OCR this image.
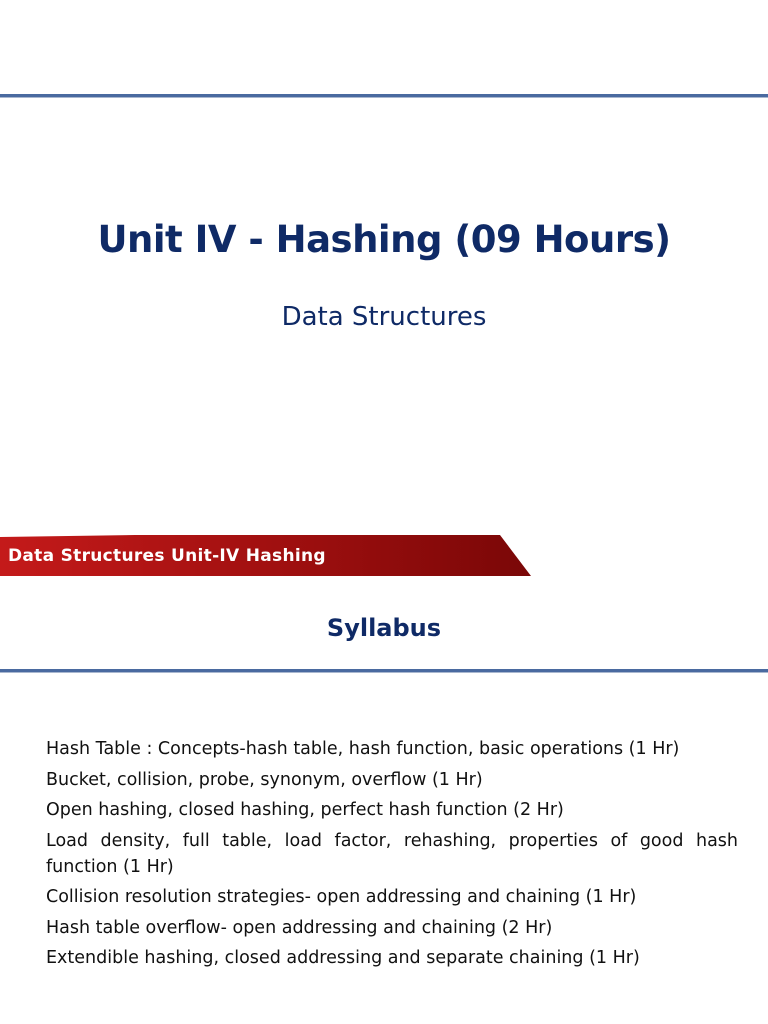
Unit IV - Hashing (09 Hours)
Data Structures
Data Structures Unit-IV Hashing
Syllabus
Hash Table : Concepts-hash table, hash function, basic operations (1 Hr)
Bucket, collision, probe, synonym, overflow (1 Hr)
Open hashing, closed hashing, perfect hash function (2 Hr)
Load density, full table, load factor, rehashing, properties of good hash function (1 Hr)
Collision resolution strategies- open addressing and chaining (1 Hr)
Hash table overflow- open addressing and chaining (2 Hr)
Extendible hashing, closed addressing and separate chaining (1 Hr)
